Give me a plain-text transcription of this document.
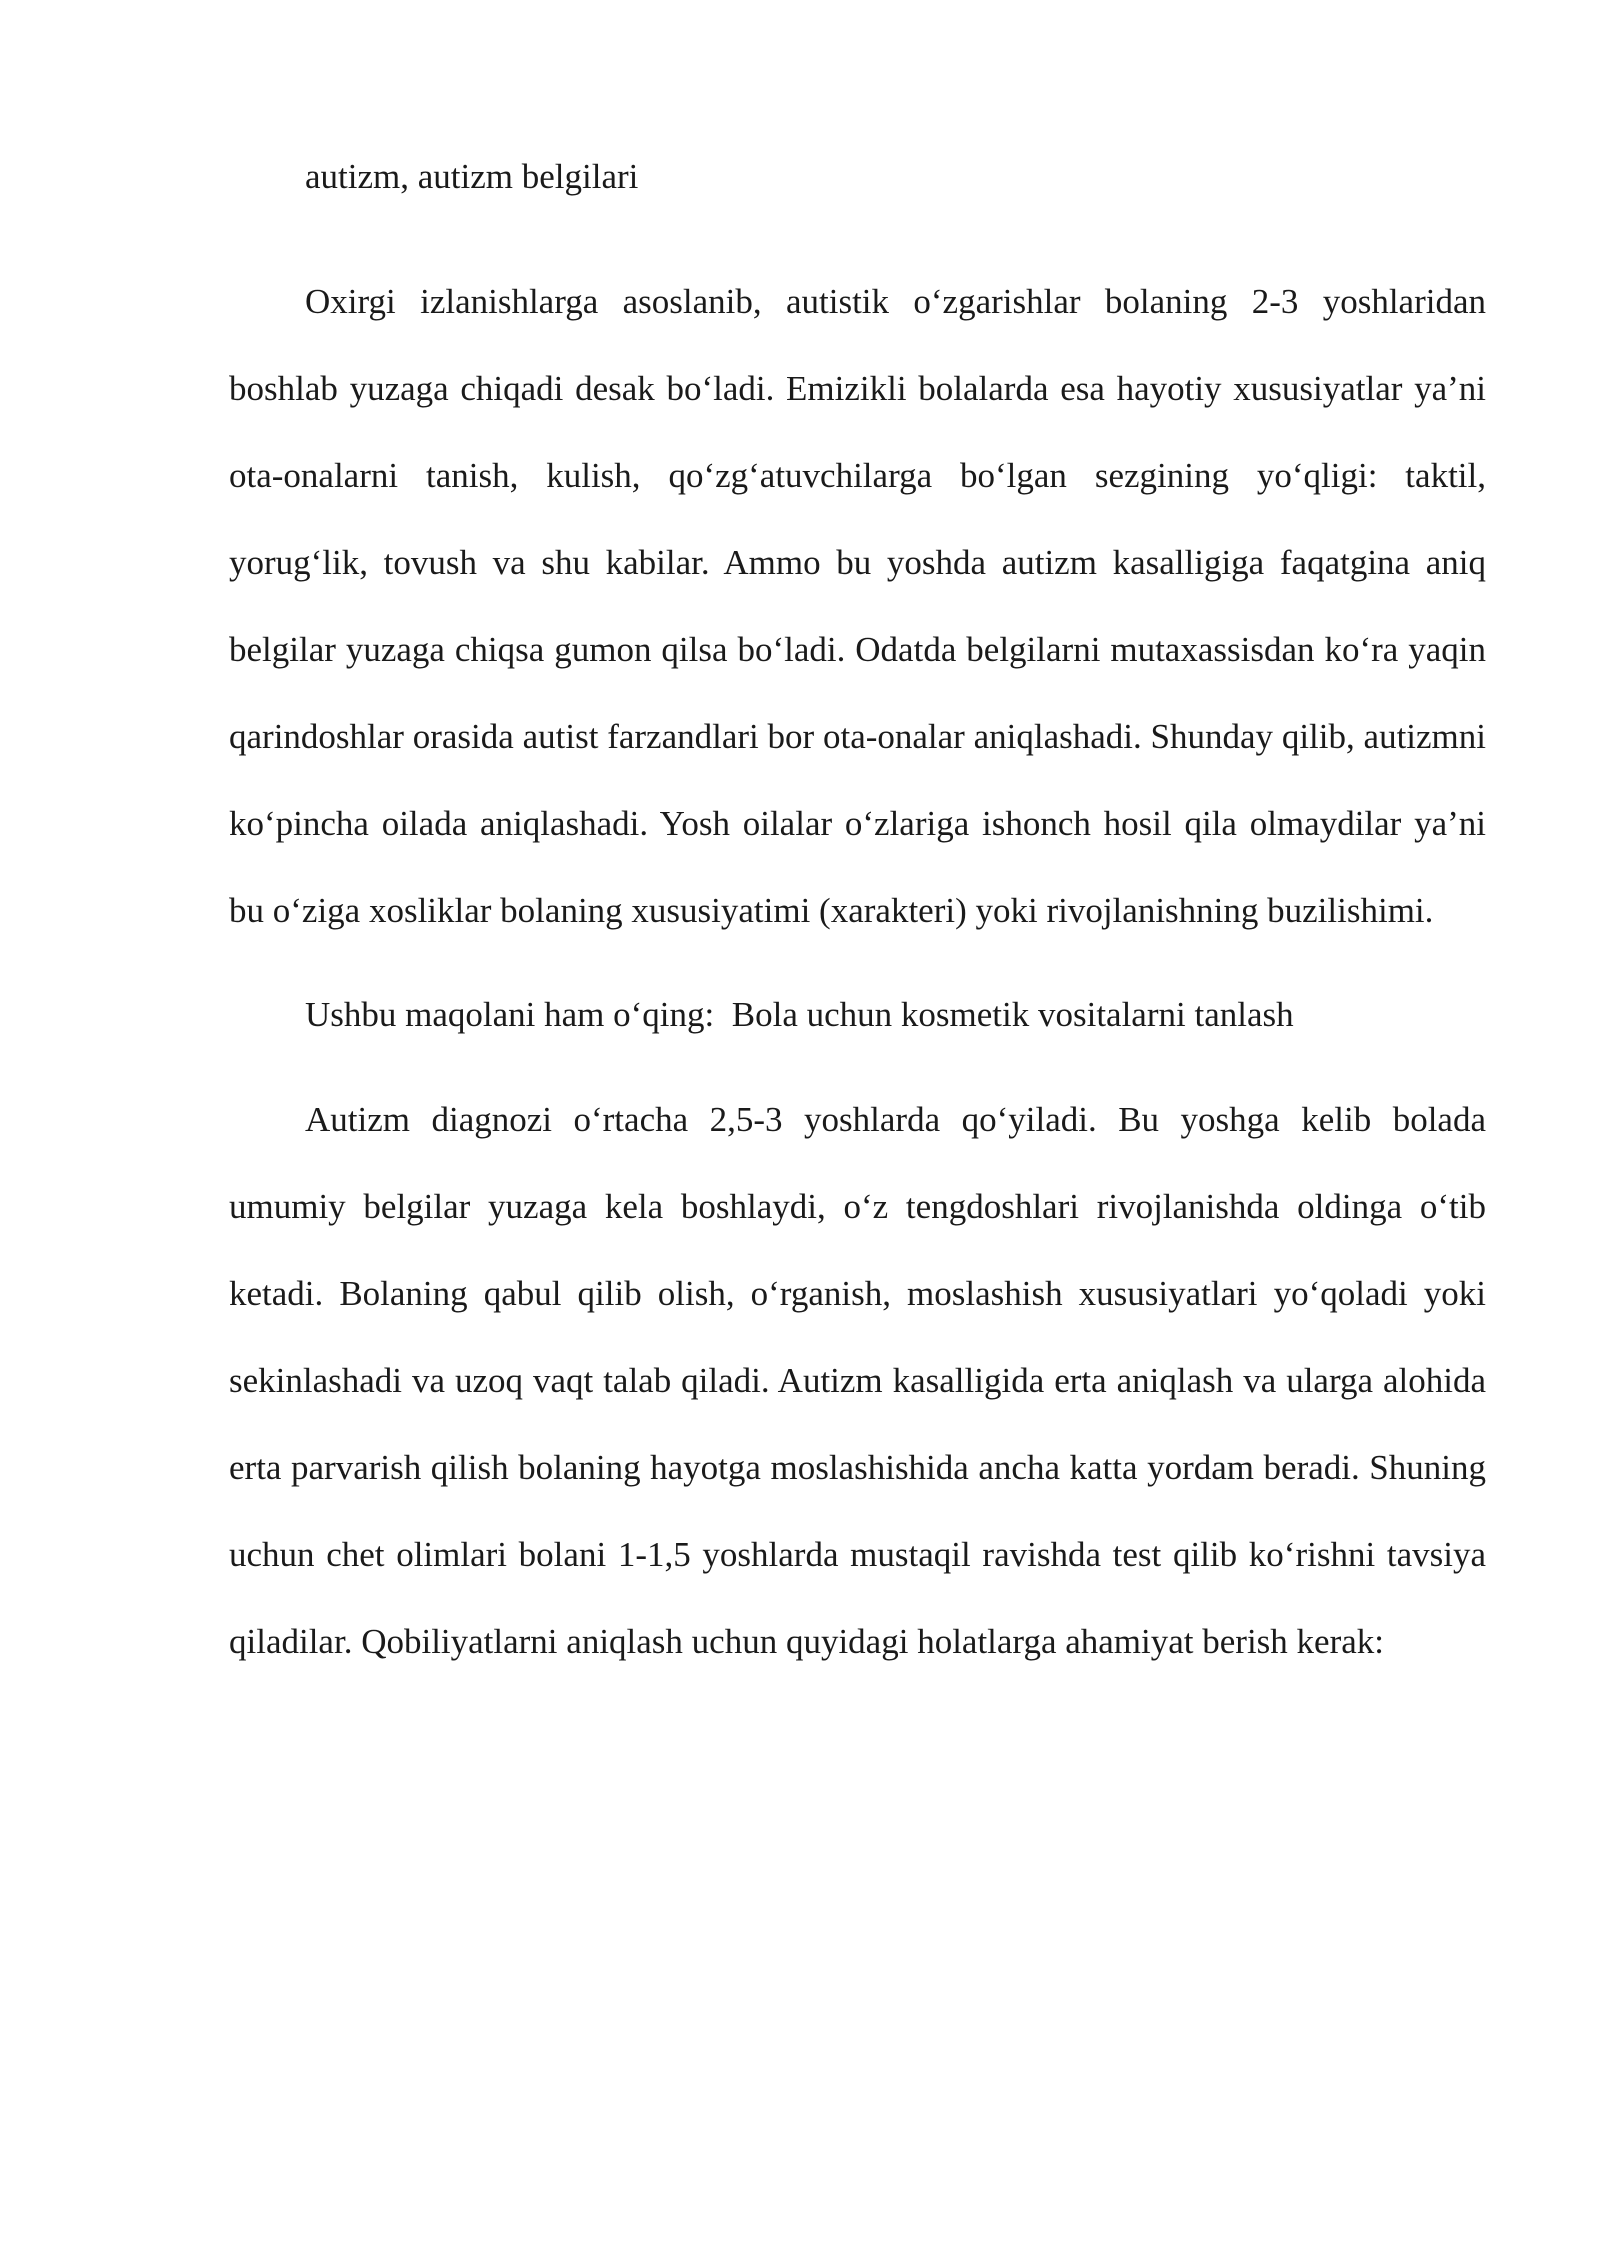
autizm, autizm belgilari

Oxirgi izlanishlarga asoslanib, autistik o‘zgarishlar bolaning 2-3 yoshlaridan boshlab yuzaga chiqadi desak bo‘ladi. Emizikli bolalarda esa hayotiy xususiyatlar ya’ni ota-onalarni tanish, kulish, qo‘zg‘atuvchilarga bo‘lgan sezgining yo‘qligi: taktil, yorug‘lik, tovush va shu kabilar. Ammo bu yoshda autizm kasalligiga faqatgina aniq belgilar yuzaga chiqsa gumon qilsa bo‘ladi. Odatda belgilarni mutaxassisdan ko‘ra yaqin qarindoshlar orasida autist farzandlari bor ota-onalar aniqlashadi. Shunday qilib, autizmni ko‘pincha oilada aniqlashadi. Yosh oilalar o‘zlariga ishonch hosil qila olmaydilar ya’ni bu o‘ziga xosliklar bolaning xususiyatimi (xarakteri) yoki rivojlanishning buzilishimi.

Ushbu maqolani ham o‘qing: Bola uchun kosmetik vositalarni tanlash

Autizm diagnozi o‘rtacha 2,5-3 yoshlarda qo‘yiladi. Bu yoshga kelib bolada umumiy belgilar yuzaga kela boshlaydi, o‘z tengdoshlari rivojlanishda oldinga o‘tib ketadi. Bolaning qabul qilib olish, o‘rganish, moslashish xususiyatlari yo‘qoladi yoki sekinlashadi va uzoq vaqt talab qiladi. Autizm kasalligida erta aniqlash va ularga alohida erta parvarish qilish bolaning hayotga moslashishida ancha katta yordam beradi. Shuning uchun chet olimlari bolani 1-1,5 yoshlarda mustaqil ravishda test qilib ko‘rishni tavsiya qiladilar. Qobiliyatlarni aniqlash uchun quyidagi holatlarga ahamiyat berish kerak:
